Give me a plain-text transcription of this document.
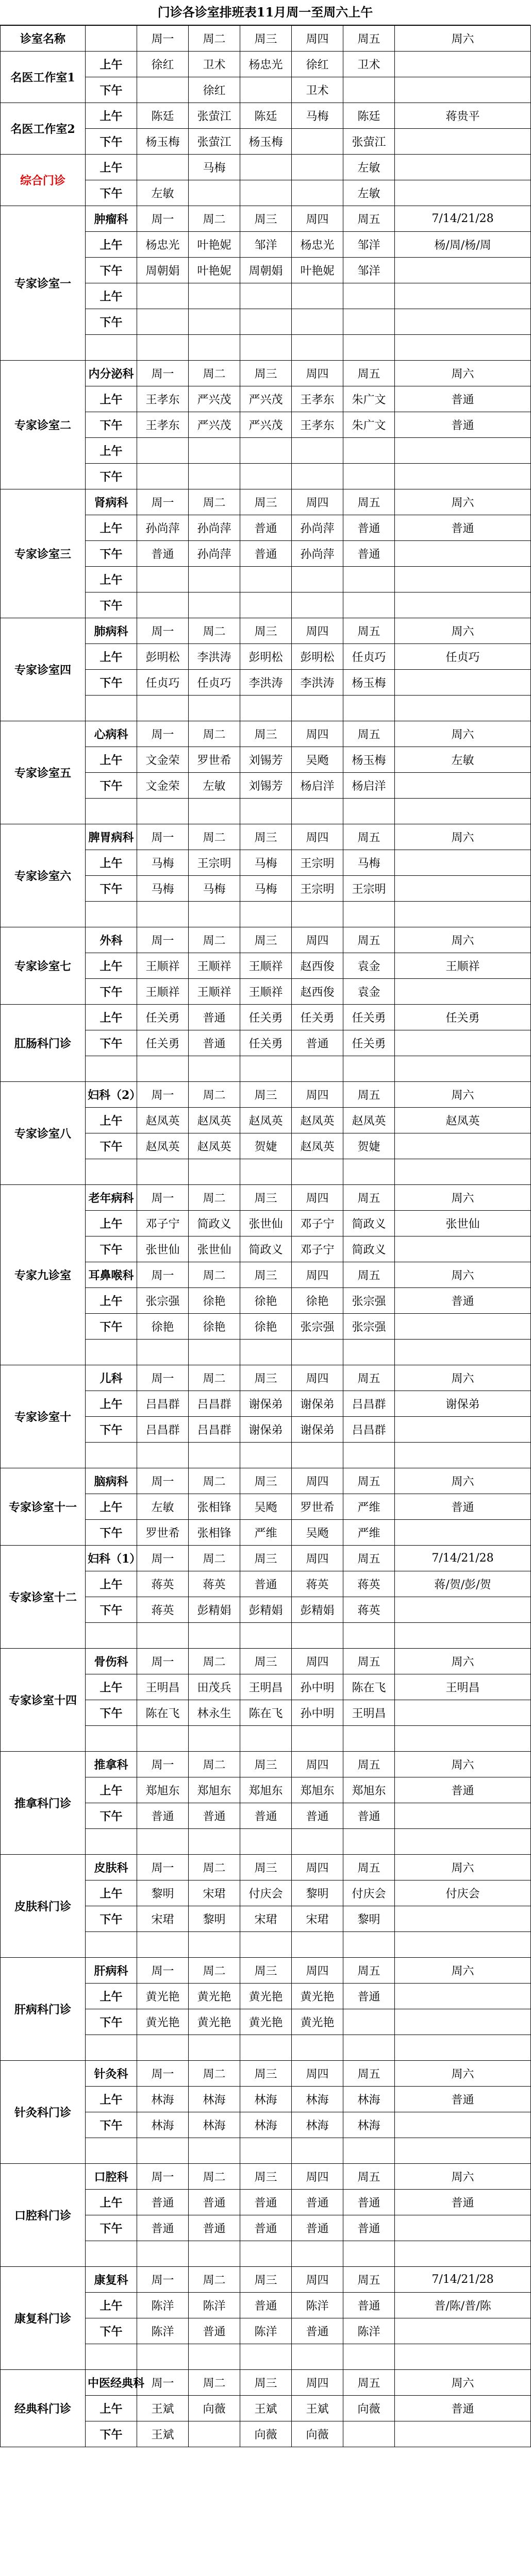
门诊各诊室排班表11月周一至周六上午
诊室名称		周一	周二	周三	周四	周五	周六
名医工作室1	上午	徐红	卫术	杨忠光	徐红	卫术	
	下午		徐红		卫术		
名医工作室2	上午	陈廷	张萤江	陈廷	马梅	陈廷	蒋贵平
	下午	杨玉梅	张萤江	杨玉梅		张萤江	
综合门诊	上午		马梅			左敏	
	下午	左敏				左敏	
专家诊室一	肿瘤科	周一	周二	周三	周四	周五	7/14/21/28
	上午	杨忠光	叶艳妮	邹洋	杨忠光	邹洋	杨/周/杨/周
	下午	周朝娟	叶艳妮	周朝娟	叶艳妮	邹洋	
	上午						
	下午						

专家诊室二	内分泌科	周一	周二	周三	周四	周五	周六
	上午	王孝东	严兴茂	严兴茂	王孝东	朱广文	普通
	下午	王孝东	严兴茂	严兴茂	王孝东	朱广文	普通
	上午						
	下午						
专家诊室三	肾病科	周一	周二	周三	周四	周五	周六
	上午	孙尚萍	孙尚萍	普通	孙尚萍	普通	普通
	下午	普通	孙尚萍	普通	孙尚萍	普通	
	上午						
	下午						
专家诊室四	肺病科	周一	周二	周三	周四	周五	周六
	上午	彭明松	李洪涛	彭明松	彭明松	任贞巧	任贞巧
	下午	任贞巧	任贞巧	李洪涛	李洪涛	杨玉梅	

专家诊室五	心病科	周一	周二	周三	周四	周五	周六
	上午	文金荣	罗世希	刘锡芳	吴飏	杨玉梅	左敏
	下午	文金荣	左敏	刘锡芳	杨启洋	杨启洋	

专家诊室六	脾胃病科	周一	周二	周三	周四	周五	周六
	上午	马梅	王宗明	马梅	王宗明	马梅	
	下午	马梅	马梅	马梅	王宗明	王宗明	

专家诊室七	外科	周一	周二	周三	周四	周五	周六
	上午	王顺祥	王顺祥	王顺祥	赵西俊	袁金	王顺祥
	下午	王顺祥	王顺祥	王顺祥	赵西俊	袁金	
肛肠科门诊	上午	任关勇	普通	任关勇	任关勇	任关勇	任关勇
	下午	任关勇	普通	任关勇	普通	任关勇	

专家诊室八	妇科（2）	周一	周二	周三	周四	周五	周六
	上午	赵凤英	赵凤英	赵凤英	赵凤英	赵凤英	赵凤英
	下午	赵凤英	赵凤英	贺婕	赵凤英	贺婕	

专家九诊室	老年病科	周一	周二	周三	周四	周五	周六
	上午	邓子宁	简政义	张世仙	邓子宁	简政义	张世仙
	下午	张世仙	张世仙	简政义	邓子宁	简政义	
	耳鼻喉科	周一	周二	周三	周四	周五	周六
	上午	张宗强	徐艳	徐艳	徐艳	张宗强	普通
	下午	徐艳	徐艳	徐艳	张宗强	张宗强	

专家诊室十	儿科	周一	周二	周三	周四	周五	周六
	上午	吕昌群	吕昌群	谢保弟	谢保弟	吕昌群	谢保弟
	下午	吕昌群	吕昌群	谢保弟	谢保弟	吕昌群	

专家诊室十一	脑病科	周一	周二	周三	周四	周五	周六
	上午	左敏	张相锋	吴飏	罗世希	严维	普通
	下午	罗世希	张相锋	严维	吴飏	严维	
专家诊室十二	妇科（1）	周一	周二	周三	周四	周五	7/14/21/28
	上午	蒋英	蒋英	普通	蒋英	蒋英	蒋/贺/彭/贺
	下午	蒋英	彭精娟	彭精娟	彭精娟	蒋英	

专家诊室十四	骨伤科	周一	周二	周三	周四	周五	周六
	上午	王明昌	田茂兵	王明昌	孙中明	陈在飞	王明昌
	下午	陈在飞	林永生	陈在飞	孙中明	王明昌	

推拿科门诊	推拿科	周一	周二	周三	周四	周五	周六
	上午	郑旭东	郑旭东	郑旭东	郑旭东	郑旭东	普通
	下午	普通	普通	普通	普通	普通	

皮肤科门诊	皮肤科	周一	周二	周三	周四	周五	周六
	上午	黎明	宋珺	付庆会	黎明	付庆会	付庆会
	下午	宋珺	黎明	宋珺	宋珺	黎明	

肝病科门诊	肝病科	周一	周二	周三	周四	周五	周六
	上午	黄光艳	黄光艳	黄光艳	黄光艳	普通	
	下午	黄光艳	黄光艳	黄光艳	黄光艳		

针灸科门诊	针灸科	周一	周二	周三	周四	周五	周六
	上午	林海	林海	林海	林海	林海	普通
	下午	林海	林海	林海	林海	林海	

口腔科门诊	口腔科	周一	周二	周三	周四	周五	周六
	上午	普通	普通	普通	普通	普通	普通
	下午	普通	普通	普通	普通	普通	

康复科门诊	康复科	周一	周二	周三	周四	周五	7/14/21/28
	上午	陈洋	陈洋	普通	陈洋	普通	普/陈/普/陈
	下午	陈洋	普通	陈洋	普通	陈洋	

经典科门诊	中医经典科	周一	周二	周三	周四	周五	周六
	上午	王斌	向薇	王斌	王斌	向薇	普通
	下午	王斌		向薇	向薇		
